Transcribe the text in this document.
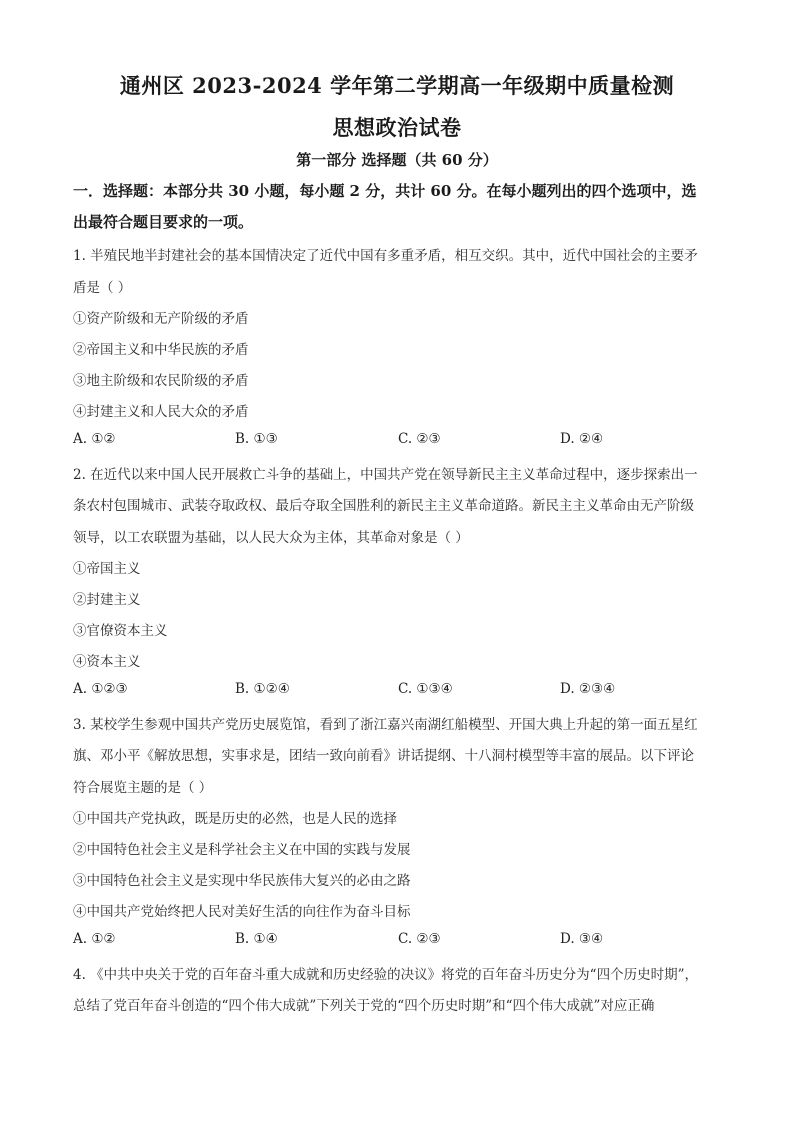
通州区 2023-2024 学年第二学期高一年级期中质量检测
思想政治试卷
第一部分 选择题（共 60 分）
一．选择题：本部分共 30 小题，每小题 2 分，共计 60 分。在每小题列出的四个选项中，选
出最符合题目要求的一项。
1. 半殖民地半封建社会的基本国情决定了近代中国有多重矛盾，相互交织。其中，近代中国社会的主要矛
盾是（ ）
①资产阶级和无产阶级的矛盾
②帝国主义和中华民族的矛盾
③地主阶级和农民阶级的矛盾
④封建主义和人民大众的矛盾
A. ①②	B. ①③	C. ②③	D. ②④
2. 在近代以来中国人民开展救亡斗争的基础上，中国共产党在领导新民主主义革命过程中，逐步探索出一
条农村包围城市、武装夺取政权、最后夺取全国胜利的新民主主义革命道路。新民主主义革命由无产阶级
领导，以工农联盟为基础，以人民大众为主体，其革命对象是（ ）
①帝国主义
②封建主义
③官僚资本主义
④资本主义
A. ①②③	B. ①②④	C. ①③④	D. ②③④
3. 某校学生参观中国共产党历史展览馆，看到了浙江嘉兴南湖红船模型、开国大典上升起的第一面五星红
旗、邓小平《解放思想，实事求是，团结一致向前看》讲话提纲、十八洞村模型等丰富的展品。以下评论
符合展览主题的是（ ）
①中国共产党执政，既是历史的必然，也是人民的选择
②中国特色社会主义是科学社会主义在中国的实践与发展
③中国特色社会主义是实现中华民族伟大复兴的必由之路
④中国共产党始终把人民对美好生活的向往作为奋斗目标
A. ①②	B. ①④	C. ②③	D. ③④
4. 《中共中央关于党的百年奋斗重大成就和历史经验的决议》将党的百年奋斗历史分为“四个历史时期”，
总结了党百年奋斗创造的“四个伟大成就”下列关于党的“四个历史时期”和“四个伟大成就”对应正确
